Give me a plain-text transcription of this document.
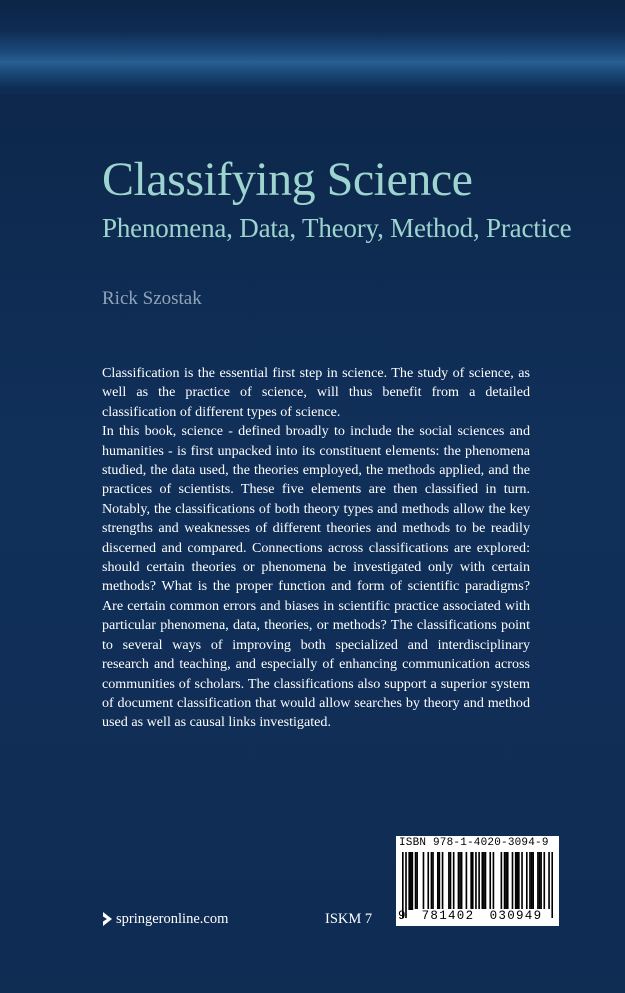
Classifying Science
Phenomena, Data, Theory, Method, Practice
Rick Szostak

Classification is the essential first step in science. The study of science, as well as the practice of science, will thus benefit from a detailed classification of different types of science.

In this book, science - defined broadly to include the social sciences and humanities - is first unpacked into its constituent elements: the phenomena studied, the data used, the theories employed, the methods applied, and the practices of scientists. These five elements are then classified in turn. Notably, the classifications of both theory types and methods allow the key strengths and weaknesses of different theories and methods to be readily discerned and compared. Connections across classifications are explored: should certain theories or phenomena be investigated only with certain methods? What is the proper function and form of scientific paradigms? Are certain common errors and biases in scientific practice associated with particular phenomena, data, theories, or methods? The classifications point to several ways of improving both specialized and interdisciplinary research and teaching, and especially of enhancing communication across communities of scholars. The classifications also support a superior system of document classification that would allow searches by theory and method used as well as causal links investigated.

springeronline.com	ISKM 7
ISBN 978-1-4020-3094-9
9	781402	030949
